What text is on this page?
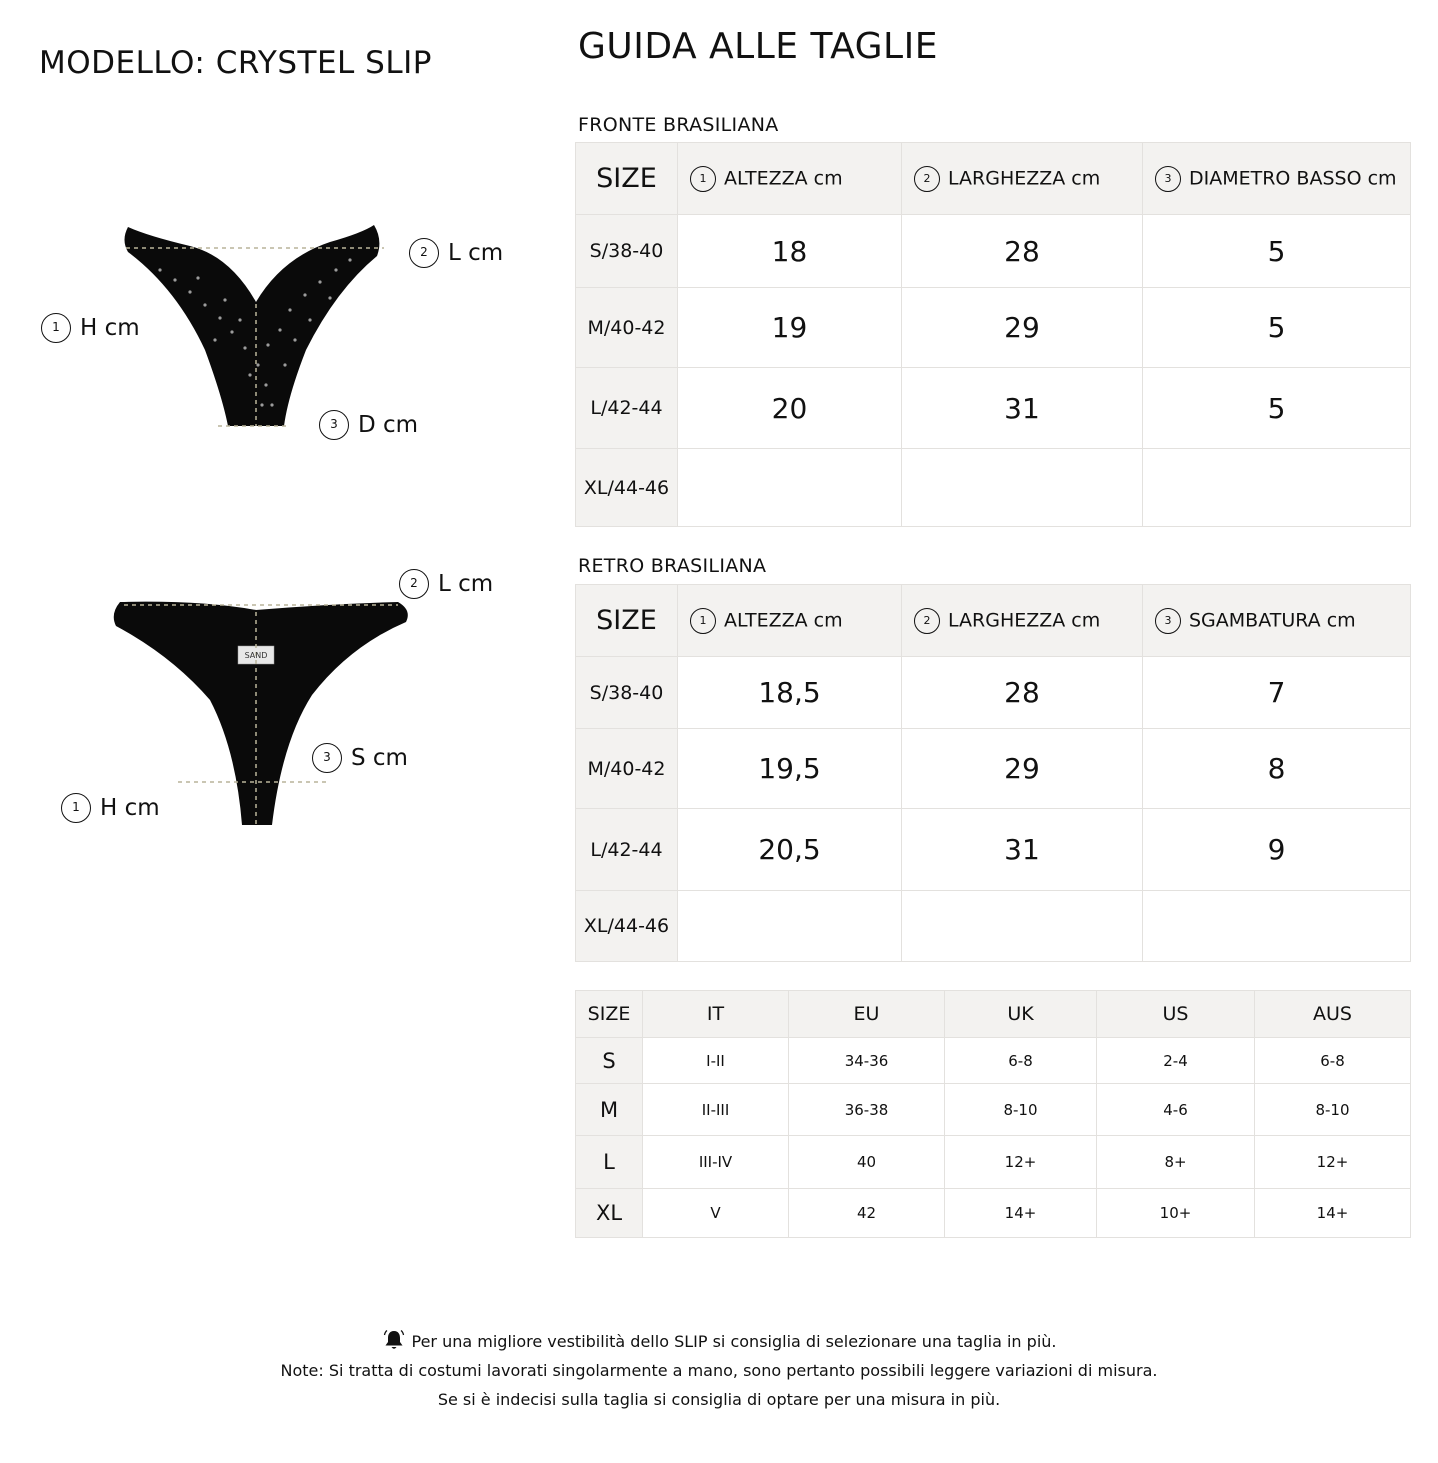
MODELLO: CRYSTEL SLIP	GUIDA ALLE TAGLIE
2 L cm
1 H cm
3 D cm
SAND
2 L cm
3 S cm
1 H cm
FRONTE BRASILIANA
SIZE	1 ALTEZZA cm	2 LARGHEZZA cm	3 DIAMETRO BASSO cm
S/38-40	18	28	5
M/40-42	19	29	5
L/42-44	20	31	5
XL/44-46			
RETRO BRASILIANA
SIZE	1 ALTEZZA cm	2 LARGHEZZA cm	3 SGAMBATURA cm
S/38-40	18,5	28	7
M/40-42	19,5	29	8
L/42-44	20,5	31	9
XL/44-46			
SIZE	IT	EU	UK	US	AUS
S	I-II	34-36	6-8	2-4	6-8
M	II-III	36-38	8-10	4-6	8-10
L	III-IV	40	12+	8+	12+
XL	V	42	14+	10+	14+
Per una migliore vestibilità dello SLIP si consiglia di selezionare una taglia in più.
Note: Si tratta di costumi lavorati singolarmente a mano, sono pertanto possibili leggere variazioni di misura.
Se si è indecisi sulla taglia si consiglia di optare per una misura in più.
